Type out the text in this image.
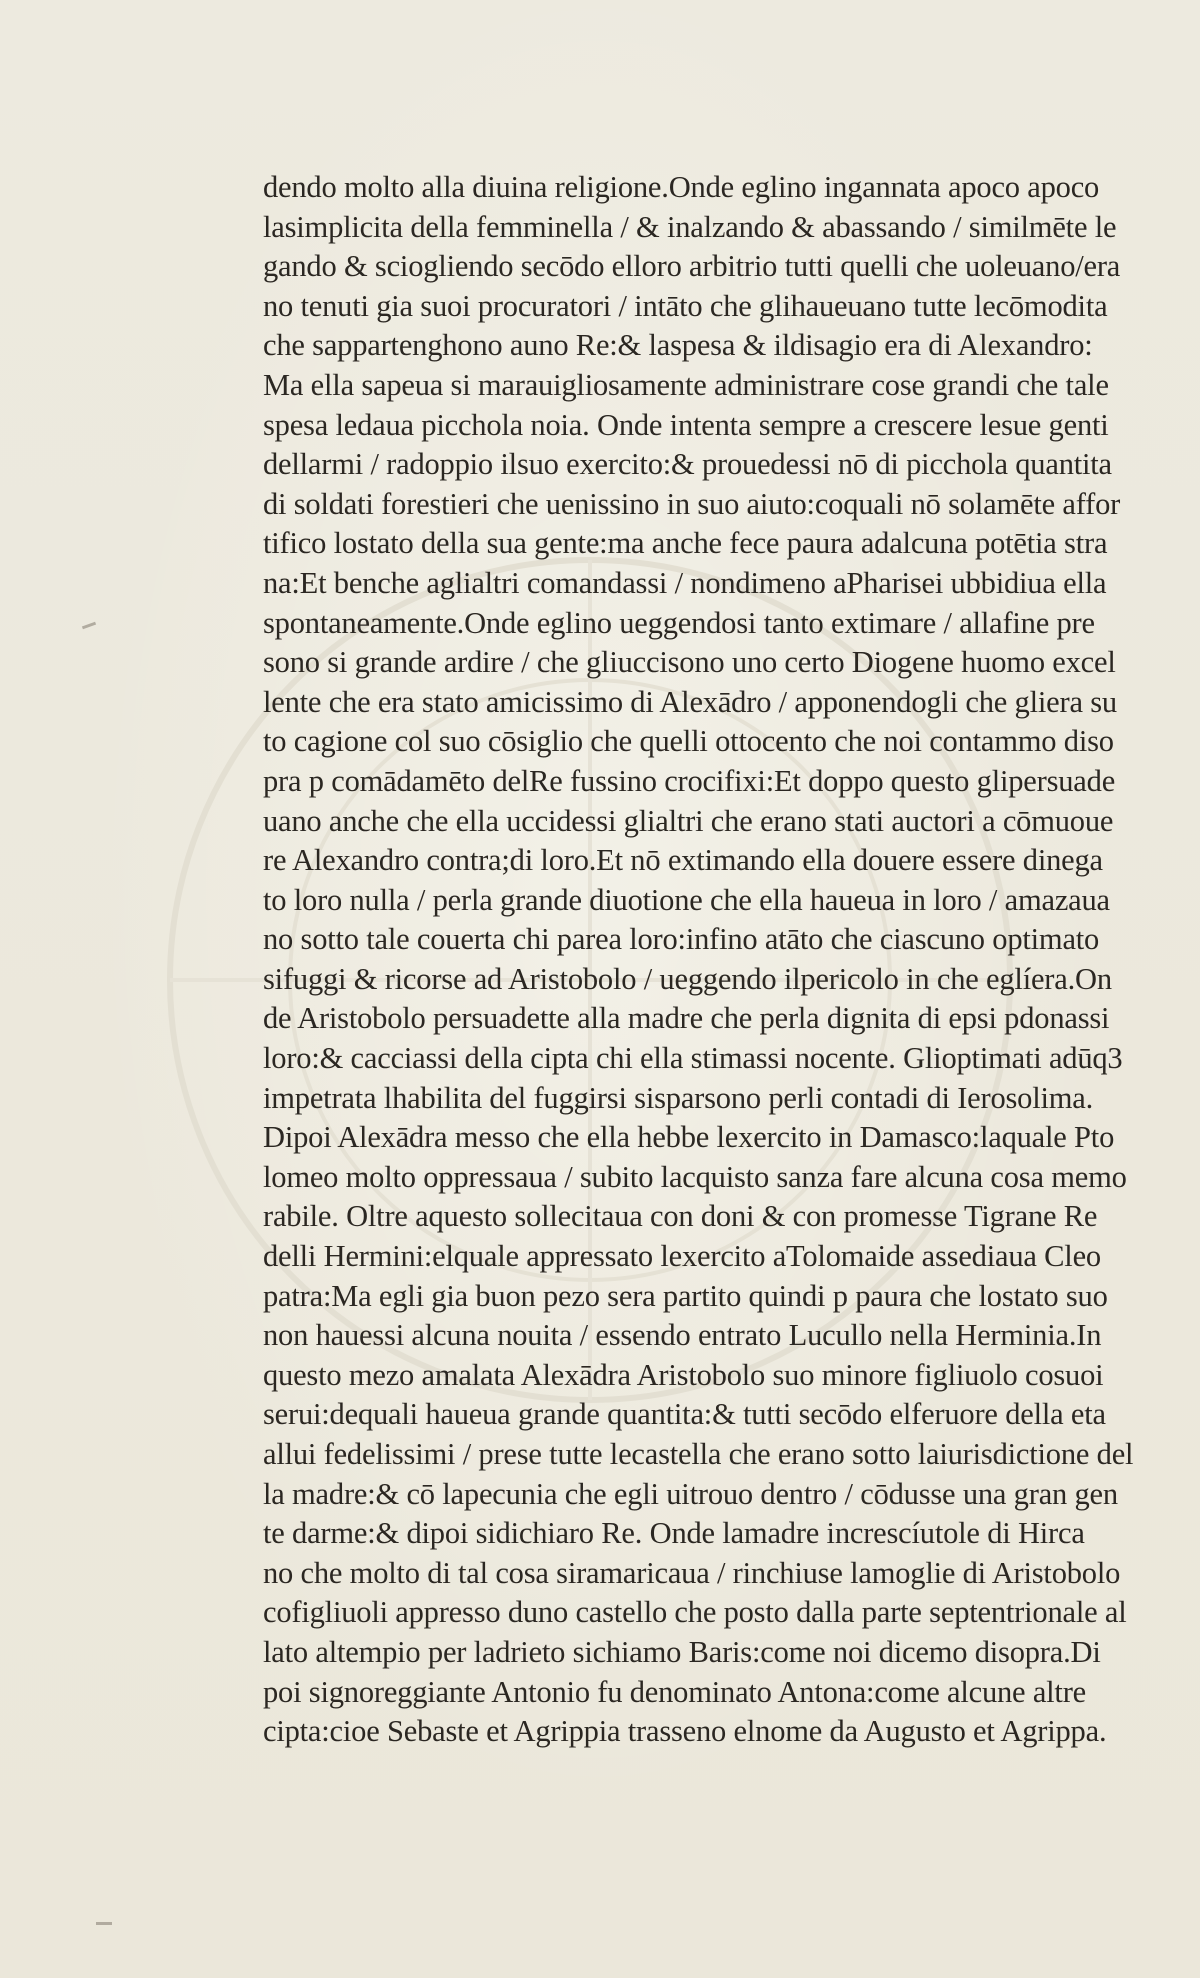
dendo molto alla diuina religione.Onde eglino ingannata apoco apoco
lasimplicita della femminella / & inalzando & abassando / similmēte le
gando & sciogliendo secōdo elloro arbitrio tutti quelli che uoleuano/era
no tenuti gia suoi procuratori / intāto che glihaueuano tutte lecōmodita
che sappartenghono auno Re:& laspesa & ildisagio era di Alexandro:
Ma ella sapeua si marauigliosamente administrare cose grandi che tale
spesa ledaua picchola noia. Onde intenta sempre a crescere lesue genti
dellarmi / radoppio ilsuo exercito:& prouedessi nō di picchola quantita
di soldati forestieri che uenissino in suo aiuto:coquali nō solamēte affor
tifico lostato della sua gente:ma anche fece paura adalcuna potētia stra
na:Et benche aglialtri comandassi / nondimeno aPharisei ubbidiua ella
spontaneamente.Onde eglino ueggendosi tanto extimare / allafine pre
sono si grande ardire / che gliuccisono uno certo Diogene huomo excel
lente che era stato amicissimo di Alexādro / apponendogli che gliera su
to cagione col suo cōsiglio che quelli ottocento che noi contammo diso
pra p comādamēto delRe fussino crocifixi:Et doppo questo glipersuade
uano anche che ella uccidessi glialtri che erano stati auctori a cōmuoue
re Alexandro contra;di loro.Et nō extimando ella douere essere dinega
to loro nulla / perla grande diuotione che ella haueua in loro / amazaua
no sotto tale couerta chi parea loro:infino atāto che ciascuno optimato
sifuggi & ricorse ad Aristobolo / ueggendo ilpericolo in che eglíera.On
de Aristobolo persuadette alla madre che perla dignita di epsi pdonassi
loro:& cacciassi della cipta chi ella stimassi nocente. Glioptimati adūq3
impetrata lhabilita del fuggirsi sisparsono perli contadi di Ierosolima.
Dipoi Alexādra messo che ella hebbe lexercito in Damasco:laquale Pto
lomeo molto oppressaua / subito lacquisto sanza fare alcuna cosa memo
rabile. Oltre aquesto sollecitaua con doni & con promesse Tigrane Re
delli Hermini:elquale appressato lexercito aTolomaide assediaua Cleo
patra:Ma egli gia buon pezo sera partito quindi p paura che lostato suo
non hauessi alcuna nouita / essendo entrato Lucullo nella Herminia.In
questo mezo amalata Alexādra Aristobolo suo minore figliuolo cosuoi
serui:dequali haueua grande quantita:& tutti secōdo elferuore della eta
allui fedelissimi / prese tutte lecastella che erano sotto laiurisdictione del
la madre:& cō lapecunia che egli uitrouo dentro / cōdusse una gran gen
te darme:& dipoi sidichiaro Re. Onde lamadre increscíutole di Hirca
no che molto di tal cosa siramaricaua / rinchiuse lamoglie di Aristobolo
cofigliuoli appresso duno castello che posto dalla parte septentrionale al
lato altempio per ladrieto sichiamo Baris:come noi dicemo disopra.Di
poi signoreggiante Antonio fu denominato Antona:come alcune altre
cipta:cioe Sebaste et Agrippia trasseno elnome da Augusto et Agrippa.
